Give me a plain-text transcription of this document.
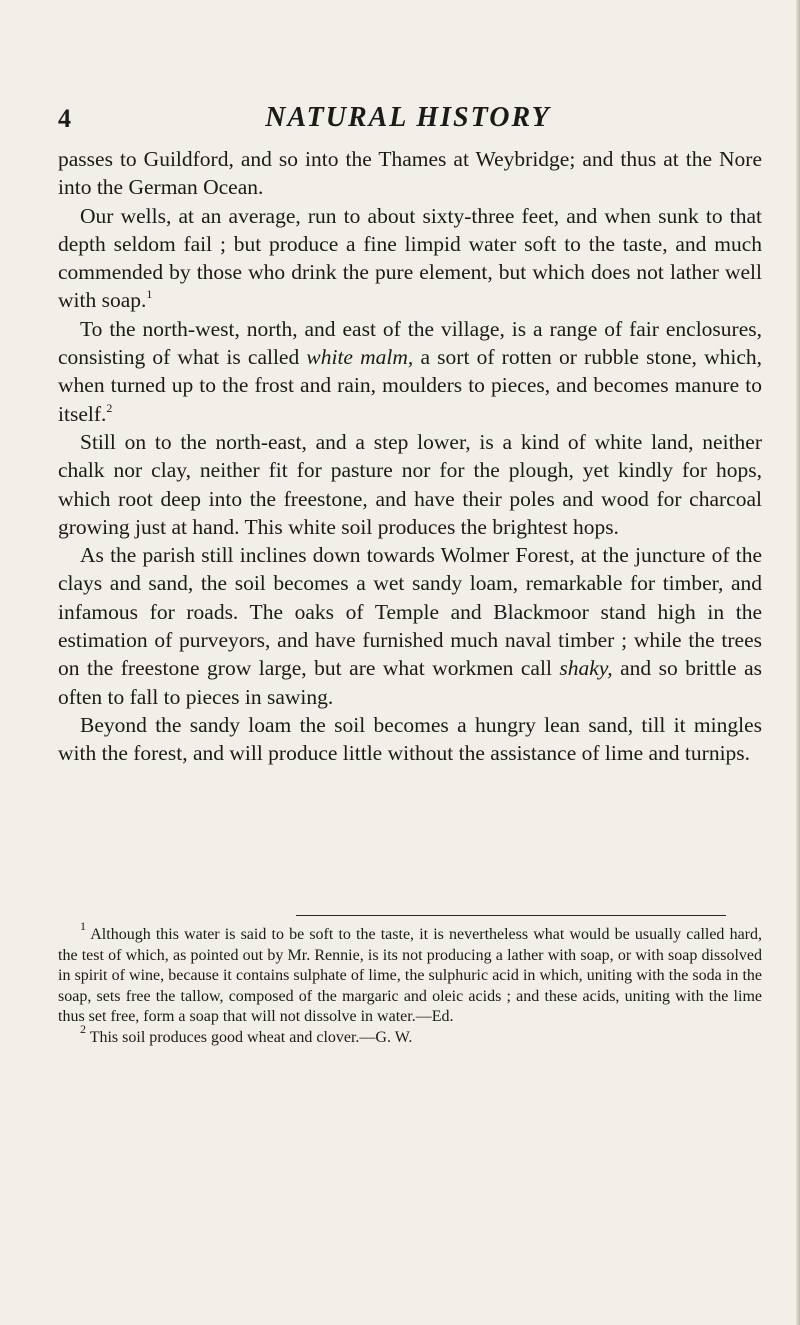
4	NATURAL HISTORY

passes to Guildford, and so into the Thames at Weybridge; and thus at the Nore into the German Ocean.

Our wells, at an average, run to about sixty-three feet, and when sunk to that depth seldom fail ; but produce a fine limpid water soft to the taste, and much commended by those who drink the pure element, but which does not lather well with soap.$^1$

To the north-west, north, and east of the village, is a range of fair enclosures, consisting of what is called white malm, a sort of rotten or rubble stone, which, when turned up to the frost and rain, moulders to pieces, and becomes manure to itself.$^2$

Still on to the north-east, and a step lower, is a kind of white land, neither chalk nor clay, neither fit for pasture nor for the plough, yet kindly for hops, which root deep into the freestone, and have their poles and wood for charcoal growing just at hand. This white soil produces the brightest hops.

As the parish still inclines down towards Wolmer Forest, at the juncture of the clays and sand, the soil becomes a wet sandy loam, remarkable for timber, and infamous for roads. The oaks of Temple and Blackmoor stand high in the estimation of purveyors, and have furnished much naval timber ; while the trees on the freestone grow large, but are what workmen call shaky, and so brittle as often to fall to pieces in sawing.

Beyond the sandy loam the soil becomes a hungry lean sand, till it mingles with the forest, and will produce little without the assistance of lime and turnips.

$^1$ Although this water is said to be soft to the taste, it is nevertheless what would be usually called hard, the test of which, as pointed out by Mr. Rennie, is its not producing a lather with soap, or with soap dissolved in spirit of wine, because it contains sulphate of lime, the sulphuric acid in which, uniting with the soda in the soap, sets free the tallow, composed of the margaric and oleic acids ; and these acids, uniting with the lime thus set free, form a soap that will not dissolve in water.—Ed.

$^2$ This soil produces good wheat and clover.—G. W.
